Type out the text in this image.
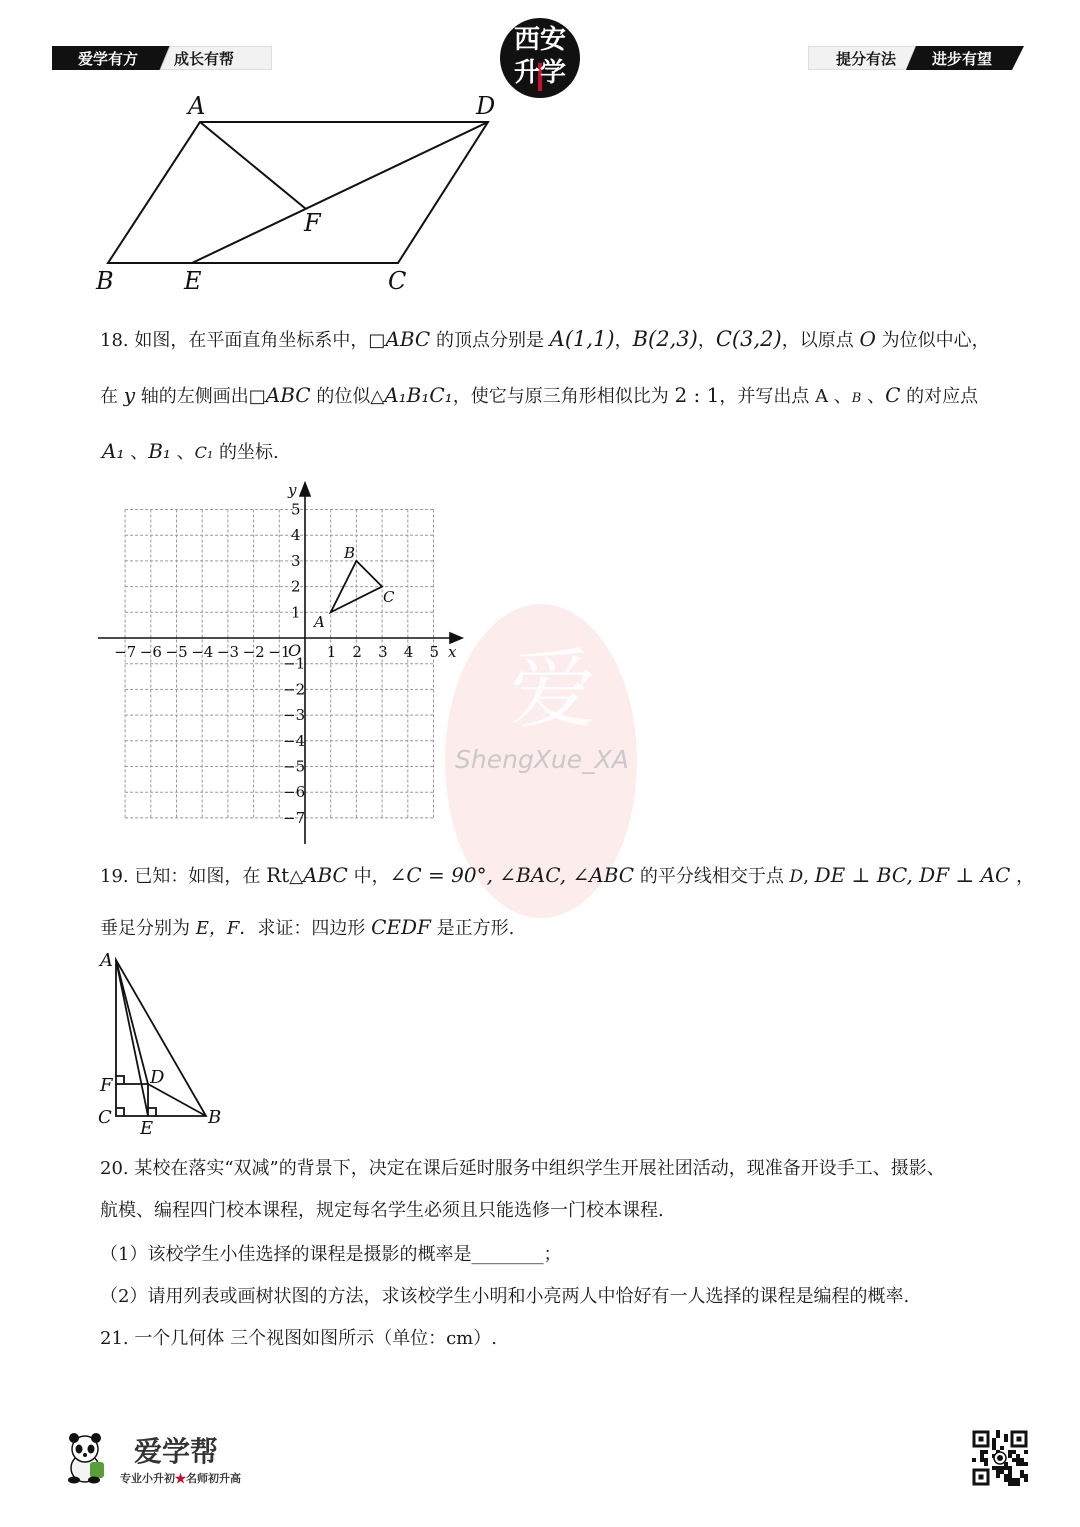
爱学有方 成长有帮
西安
升学	提分有法 进步有望
A	D
F
B	E	C
18. 如图，在平面直角坐标系中，□ABC 的顶点分别是 A(1,1)，B(2,3)，C(3,2)，以原点 O 为位似中心，
在 y 轴的左侧画出□ABC 的位似△A₁B₁C₁，使它与原三角形相似比为 2 : 1，并写出点 A 、B 、C 的对应点
A₁ 、B₁ 、C₁ 的坐标.
爱
−7 −6 −5 −4 −3 −2 −1 1 2 3 4 5
5
4
3
2
1
−1
−2
−3
−4
−5
−6
−7
x
y
O
A
B
C
ShengXue_XA
19. 已知：如图，在 Rt△ABC 中，∠C = 90°, ∠BAC, ∠ABC 的平分线相交于点 D, DE ⊥ BC, DF ⊥ AC ，
垂足分别为 E，F．求证：四边形 CEDF 是正方形.
A
F D
C
E
B
20. 某校在落实“双减”的背景下，决定在课后延时服务中组织学生开展社团活动，现准备开设手工、摄影、
航模、编程四门校本课程，规定每名学生必须且只能选修一门校本课程.
（1）该校学生小佳选择的课程是摄影的概率是________；
（2）请用列表或画树状图的方法，求该校学生小明和小亮两人中恰好有一人选择的课程是编程的概率.
21. 一个几何体 三个视图如图所示（单位：cm）.
爱学帮
专业小升初★名师初升高
